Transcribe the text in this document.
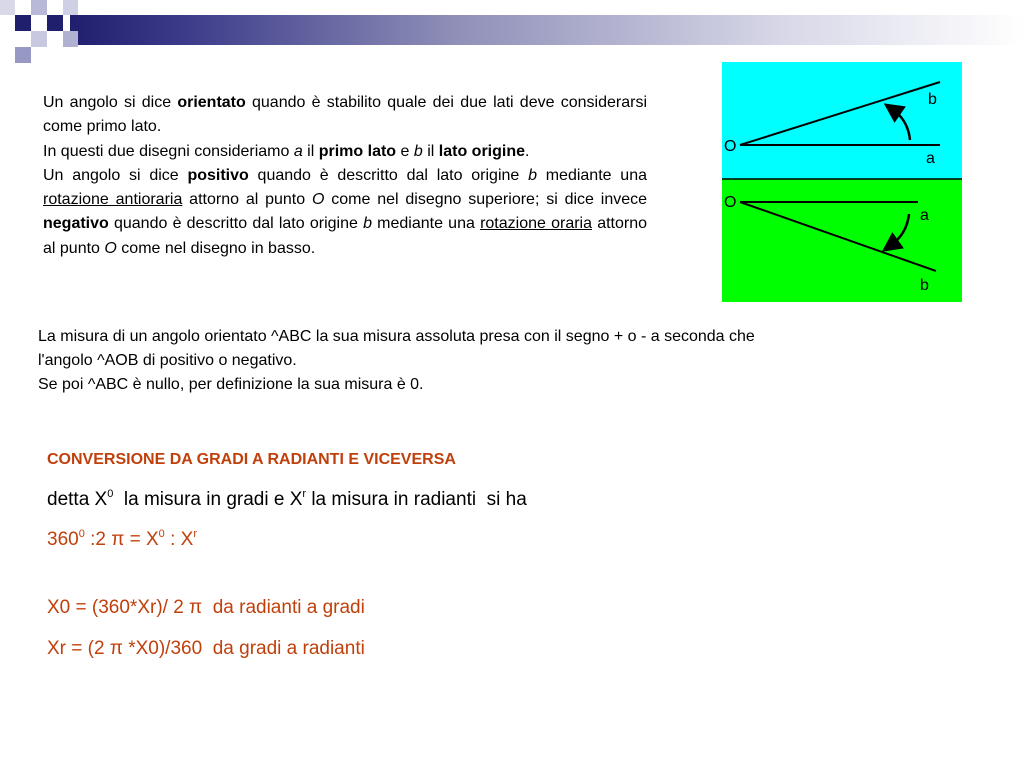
Un angolo si dice orientato quando è stabilito quale dei due lati deve considerarsi come primo lato.
In questi due disegni consideriamo a il primo lato e b il lato origine.
Un angolo si dice positivo quando è descritto dal lato origine b mediante una rotazione antioraria attorno al punto O come nel disegno superiore; si dice invece negativo quando è descritto dal lato origine b mediante una rotazione oraria attorno al punto O come nel disegno in basso.
O
b
a
O
a
b
La misura di un angolo orientato ^ABC la sua misura assoluta presa con il segno + o - a seconda che
l'angolo ^AOB di positivo o negativo.
Se poi ^ABC è nullo, per definizione la sua misura è 0.
CONVERSIONE DA GRADI A RADIANTI E VICEVERSA
detta $X^0$  la misura in gradi e $X^r$ la misura in radianti  si ha
$360^0$ :2 $\pi = X^0$ : $X^r$
X0 = (360*Xr)/ 2 π  da radianti a gradi
Xr = (2 π *X0)/360  da gradi a radianti
